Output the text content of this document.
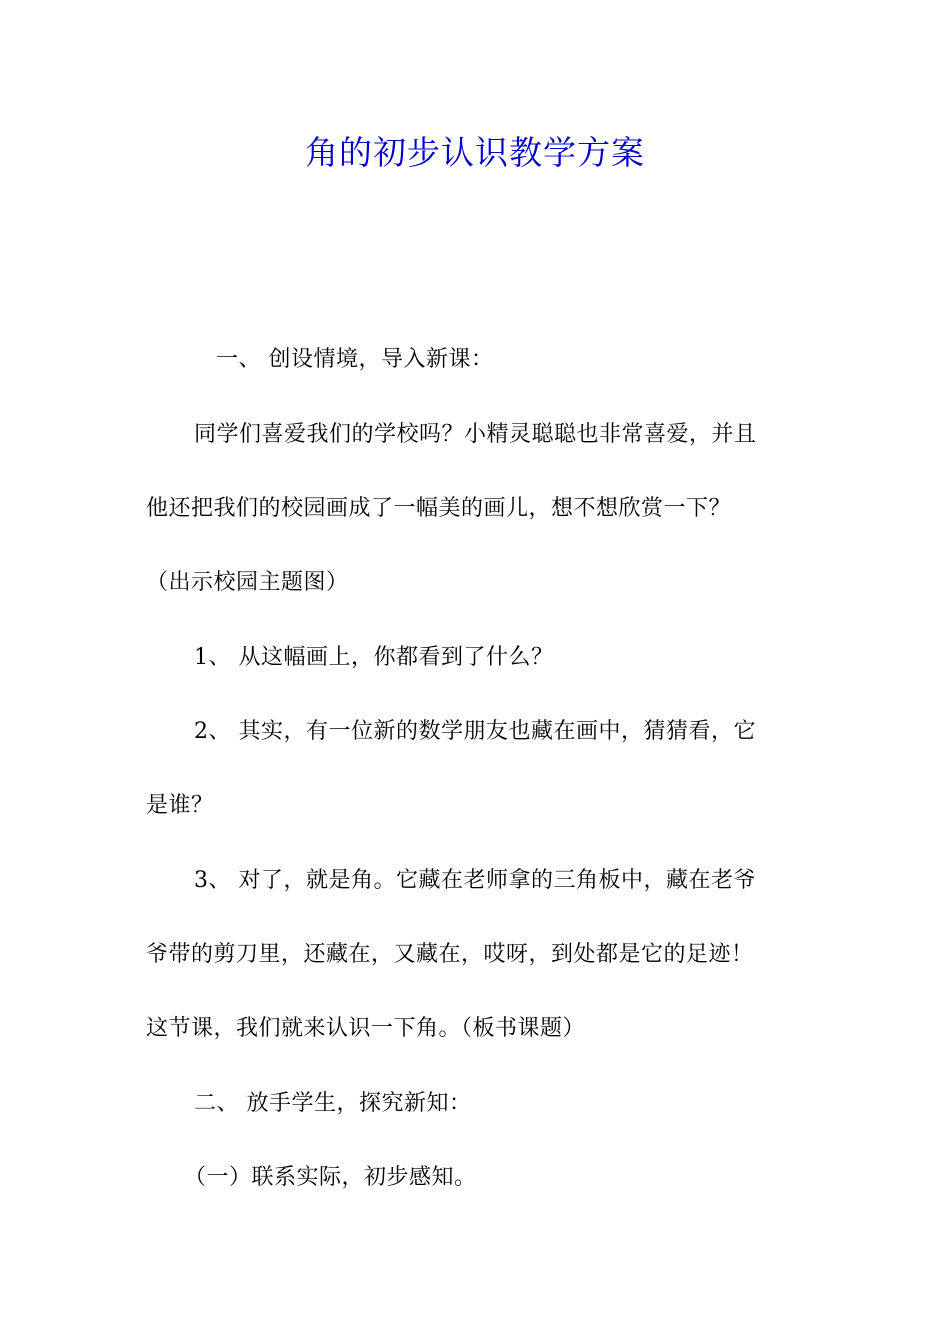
角的初步认识教学方案
一、 创设情境，导入新课：
同学们喜爱我们的学校吗？小精灵聪聪也非常喜爱，并且
他还把我们的校园画成了一幅美的画儿，想不想欣赏一下？
（出示校园主题图）
1、 从这幅画上，你都看到了什么？
2、 其实，有一位新的数学朋友也藏在画中，猜猜看，它
是谁？
3、 对了，就是角。它藏在老师拿的三角板中，藏在老爷
爷带的剪刀里，还藏在，又藏在，哎呀，到处都是它的足迹！
这节课，我们就来认识一下角。（板书课题）
二、 放手学生，探究新知：
（一）联系实际，初步感知。
